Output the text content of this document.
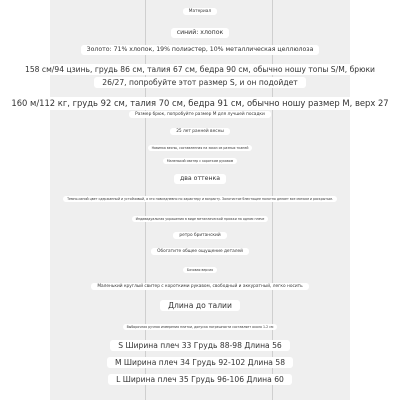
Материал
синий: хлопок
Золото: 71% хлопок, 19% полиэстер, 10% металлическая целлюлоза
158 см/94 цзинь, грудь 86 см, талия 67 см, бедра 90 см, обычно ношу топы S/M, брюки
26/27, попробуйте этот размер S, и он подойдет
160 м/112 кг, грудь 92 см, талия 70 см, бедра 91 см, обычно ношу размер M, верх 27
Размер брюк, попробуйте размер M для лучшей посадки
25 лет ранней весны
Новинка весны, составленная на заказ из разных тканей
Маленький свитер с коротким рукавом
два оттенка
Темно-синий цвет сдержанный и устойчивый, а это повседневно по характеру и возрасту. Золотистое блестящее полотно делает все мягким и раскрытым.
Индивидуальная украшения в виде металлической пряжки на одном плече
ретро британский
Обогатите общее ощущение деталей
Базовая версия
Маленький круглый свитер с короткими рукавом, свободный и аккуратный, легко носить
Длина до талии
Выборочная ручная измерения плитки, допуска погрешности составляет около 1-2 см
S Ширина плеч 33 Грудь 88-98 Длина 56
M Ширина плеч 34 Грудь 92-102 Длина 58
L Ширина плеч 35 Грудь 96-106 Длина 60
